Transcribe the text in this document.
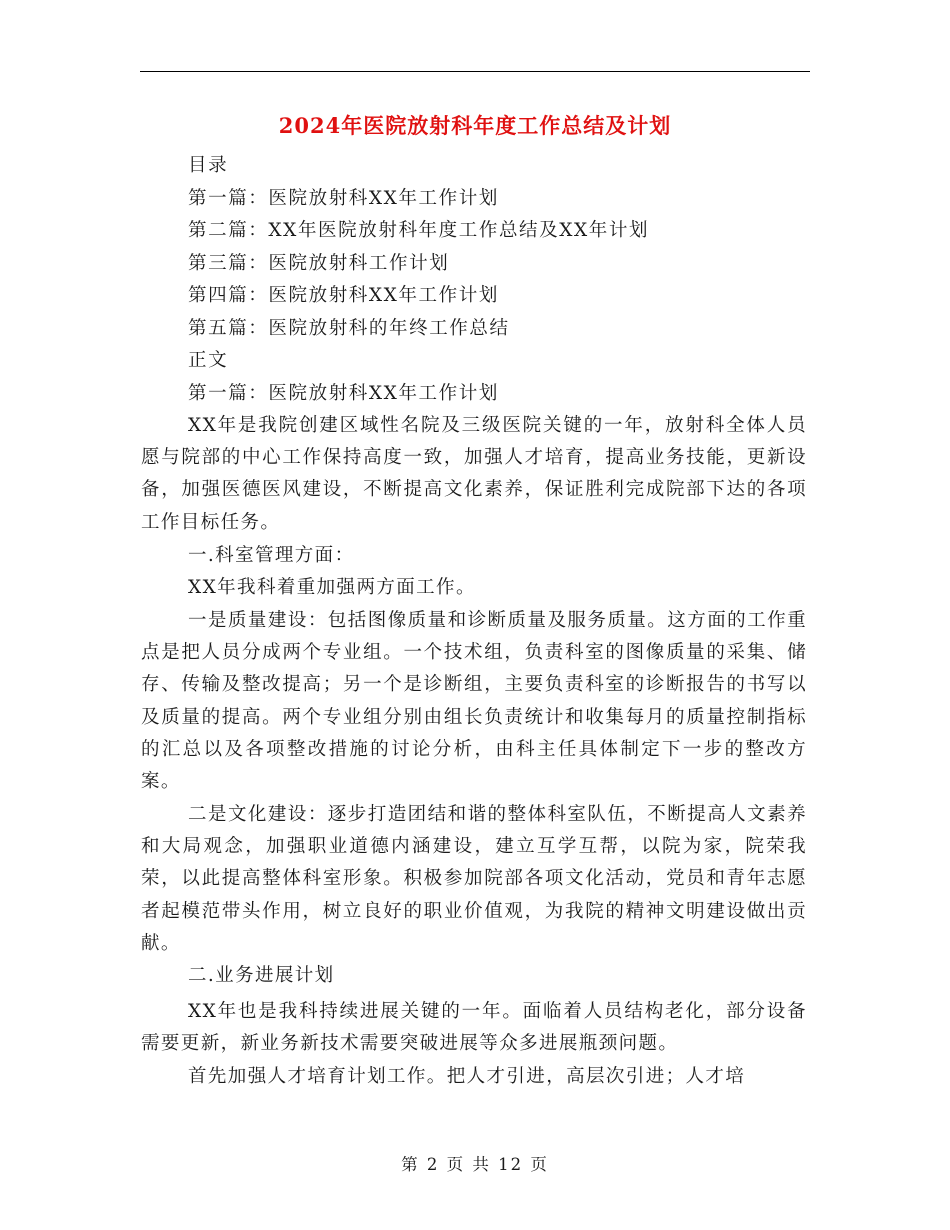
2024年医院放射科年度工作总结及计划
目录
第一篇：医院放射科XX年工作计划
第二篇：XX年医院放射科年度工作总结及XX年计划
第三篇：医院放射科工作计划
第四篇：医院放射科XX年工作计划
第五篇：医院放射科的年终工作总结
正文
第一篇：医院放射科XX年工作计划
XX年是我院创建区域性名院及三级医院关键的一年，放射科全体人员愿与院部的中心工作保持高度一致，加强人才培育，提高业务技能，更新设备，加强医德医风建设，不断提高文化素养，保证胜利完成院部下达的各项工作目标任务。
一.科室管理方面：
XX年我科着重加强两方面工作。
一是质量建设：包括图像质量和诊断质量及服务质量。这方面的工作重点是把人员分成两个专业组。一个技术组，负责科室的图像质量的采集、储存、传输及整改提高；另一个是诊断组，主要负责科室的诊断报告的书写以及质量的提高。两个专业组分别由组长负责统计和收集每月的质量控制指标的汇总以及各项整改措施的讨论分析，由科主任具体制定下一步的整改方案。
二是文化建设：逐步打造团结和谐的整体科室队伍，不断提高人文素养和大局观念，加强职业道德内涵建设，建立互学互帮，以院为家，院荣我荣，以此提高整体科室形象。积极参加院部各项文化活动，党员和青年志愿者起模范带头作用，树立良好的职业价值观，为我院的精神文明建设做出贡献。
二.业务进展计划
XX年也是我科持续进展关键的一年。面临着人员结构老化，部分设备需要更新，新业务新技术需要突破进展等众多进展瓶颈问题。
首先加强人才培育计划工作。把人才引进，高层次引进；人才培
第 2 页 共 12 页
